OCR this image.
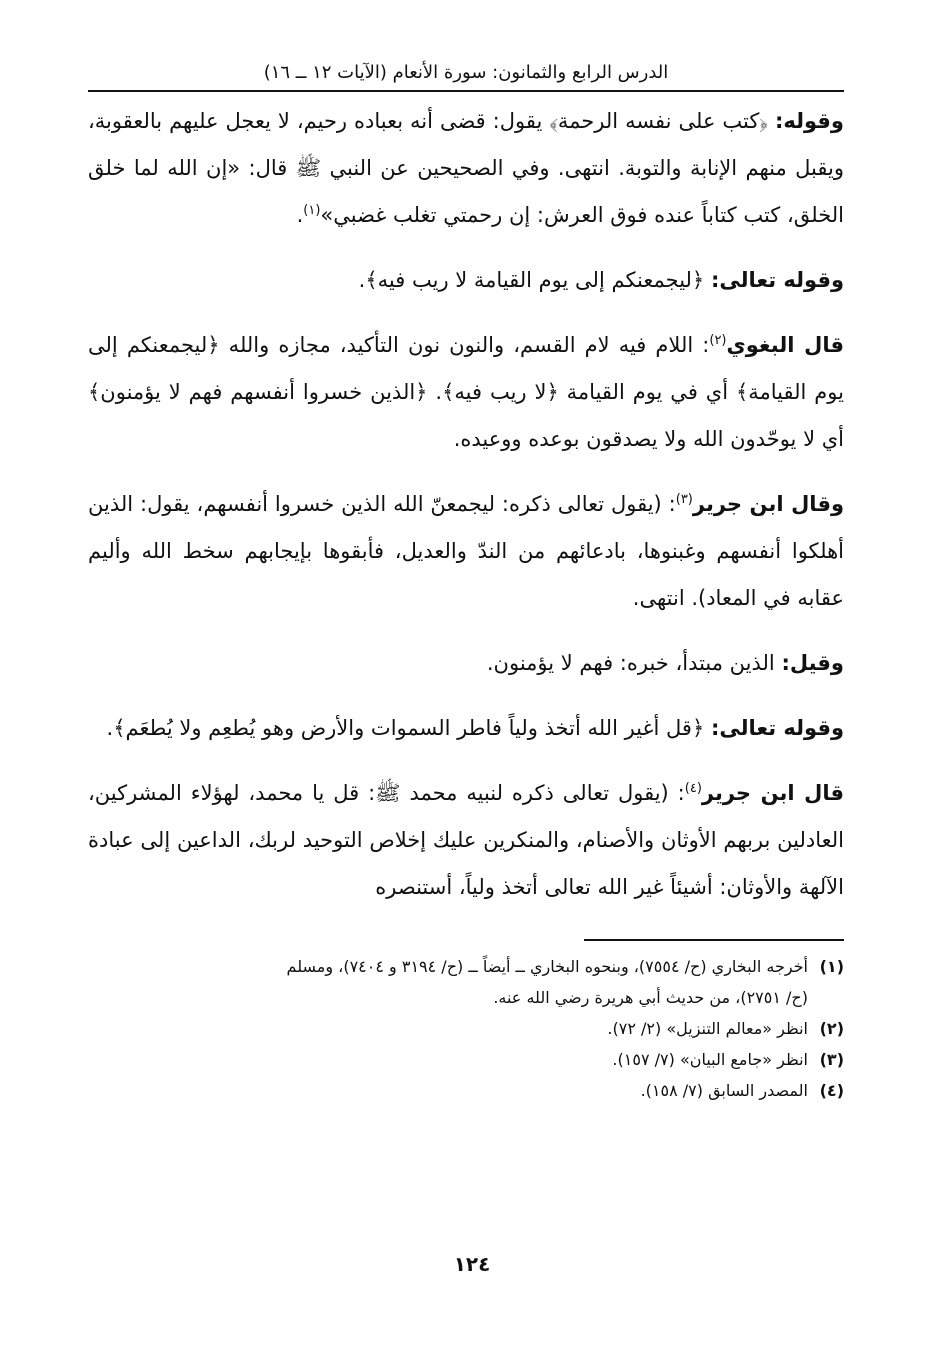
الدرس الرابع والثمانون: سورة الأنعام (الآيات ١٢ ــ ١٦)

وقوله: ﴿كتب على نفسه الرحمة﴾ يقول: قضى أنه بعباده رحيم، لا يعجل عليهم بالعقوبة، ويقبل منهم الإنابة والتوبة. انتهى. وفي الصحيحين عن النبي ﷺ قال: «إن الله لما خلق الخلق، كتب كتاباً عنده فوق العرش: إن رحمتي تغلب غضبي»$^{(١)}$.

وقوله تعالى: ﴿ليجمعنكم إلى يوم القيامة لا ريب فيه﴾.

قال البغوي$^{(٢)}$: اللام فيه لام القسم، والنون نون التأكيد، مجازه والله ﴿ليجمعنكم إلى يوم القيامة﴾ أي في يوم القيامة ﴿لا ريب فيه﴾. ﴿الذين خسروا أنفسهم فهم لا يؤمنون﴾ أي لا يوحّدون الله ولا يصدقون بوعده ووعيده.

وقال ابن جرير$^{(٣)}$: (يقول تعالى ذكره: ليجمعنّ الله الذين خسروا أنفسهم، يقول: الذين أهلكوا أنفسهم وغبنوها، بادعائهم من الندّ والعديل، فأبقوها بإيجابهم سخط الله وأليم عقابه في المعاد). انتهى.

وقيل: الذين مبتدأ، خبره: فهم لا يؤمنون.

وقوله تعالى: ﴿قل أغير الله أتخذ ولياً فاطر السموات والأرض وهو يُطعِم ولا يُطعَم﴾.

قال ابن جرير$^{(٤)}$: (يقول تعالى ذكره لنبيه محمد ﷺ: قل يا محمد، لهؤلاء المشركين، العادلين بربهم الأوثان والأصنام، والمنكرين عليك إخلاص التوحيد لربك، الداعين إلى عبادة الآلهة والأوثان: أشيئاً غير الله تعالى أتخذ ولياً، أستنصره

(١)أخرجه البخاري (ح/ ٧٥٥٤)، وبنحوه البخاري ــ أيضاً ــ (ح/ ٣١٩٤ و ٧٤٠٤)، ومسلم

(ح/ ٢٧٥١)، من حديث أبي هريرة رضي الله عنه.

(٢)انظر «معالم التنزيل» (٢/ ٧٢).

(٣)انظر «جامع البيان» (٧/ ١٥٧).

(٤)المصدر السابق (٧/ ١٥٨).

١٢٤
